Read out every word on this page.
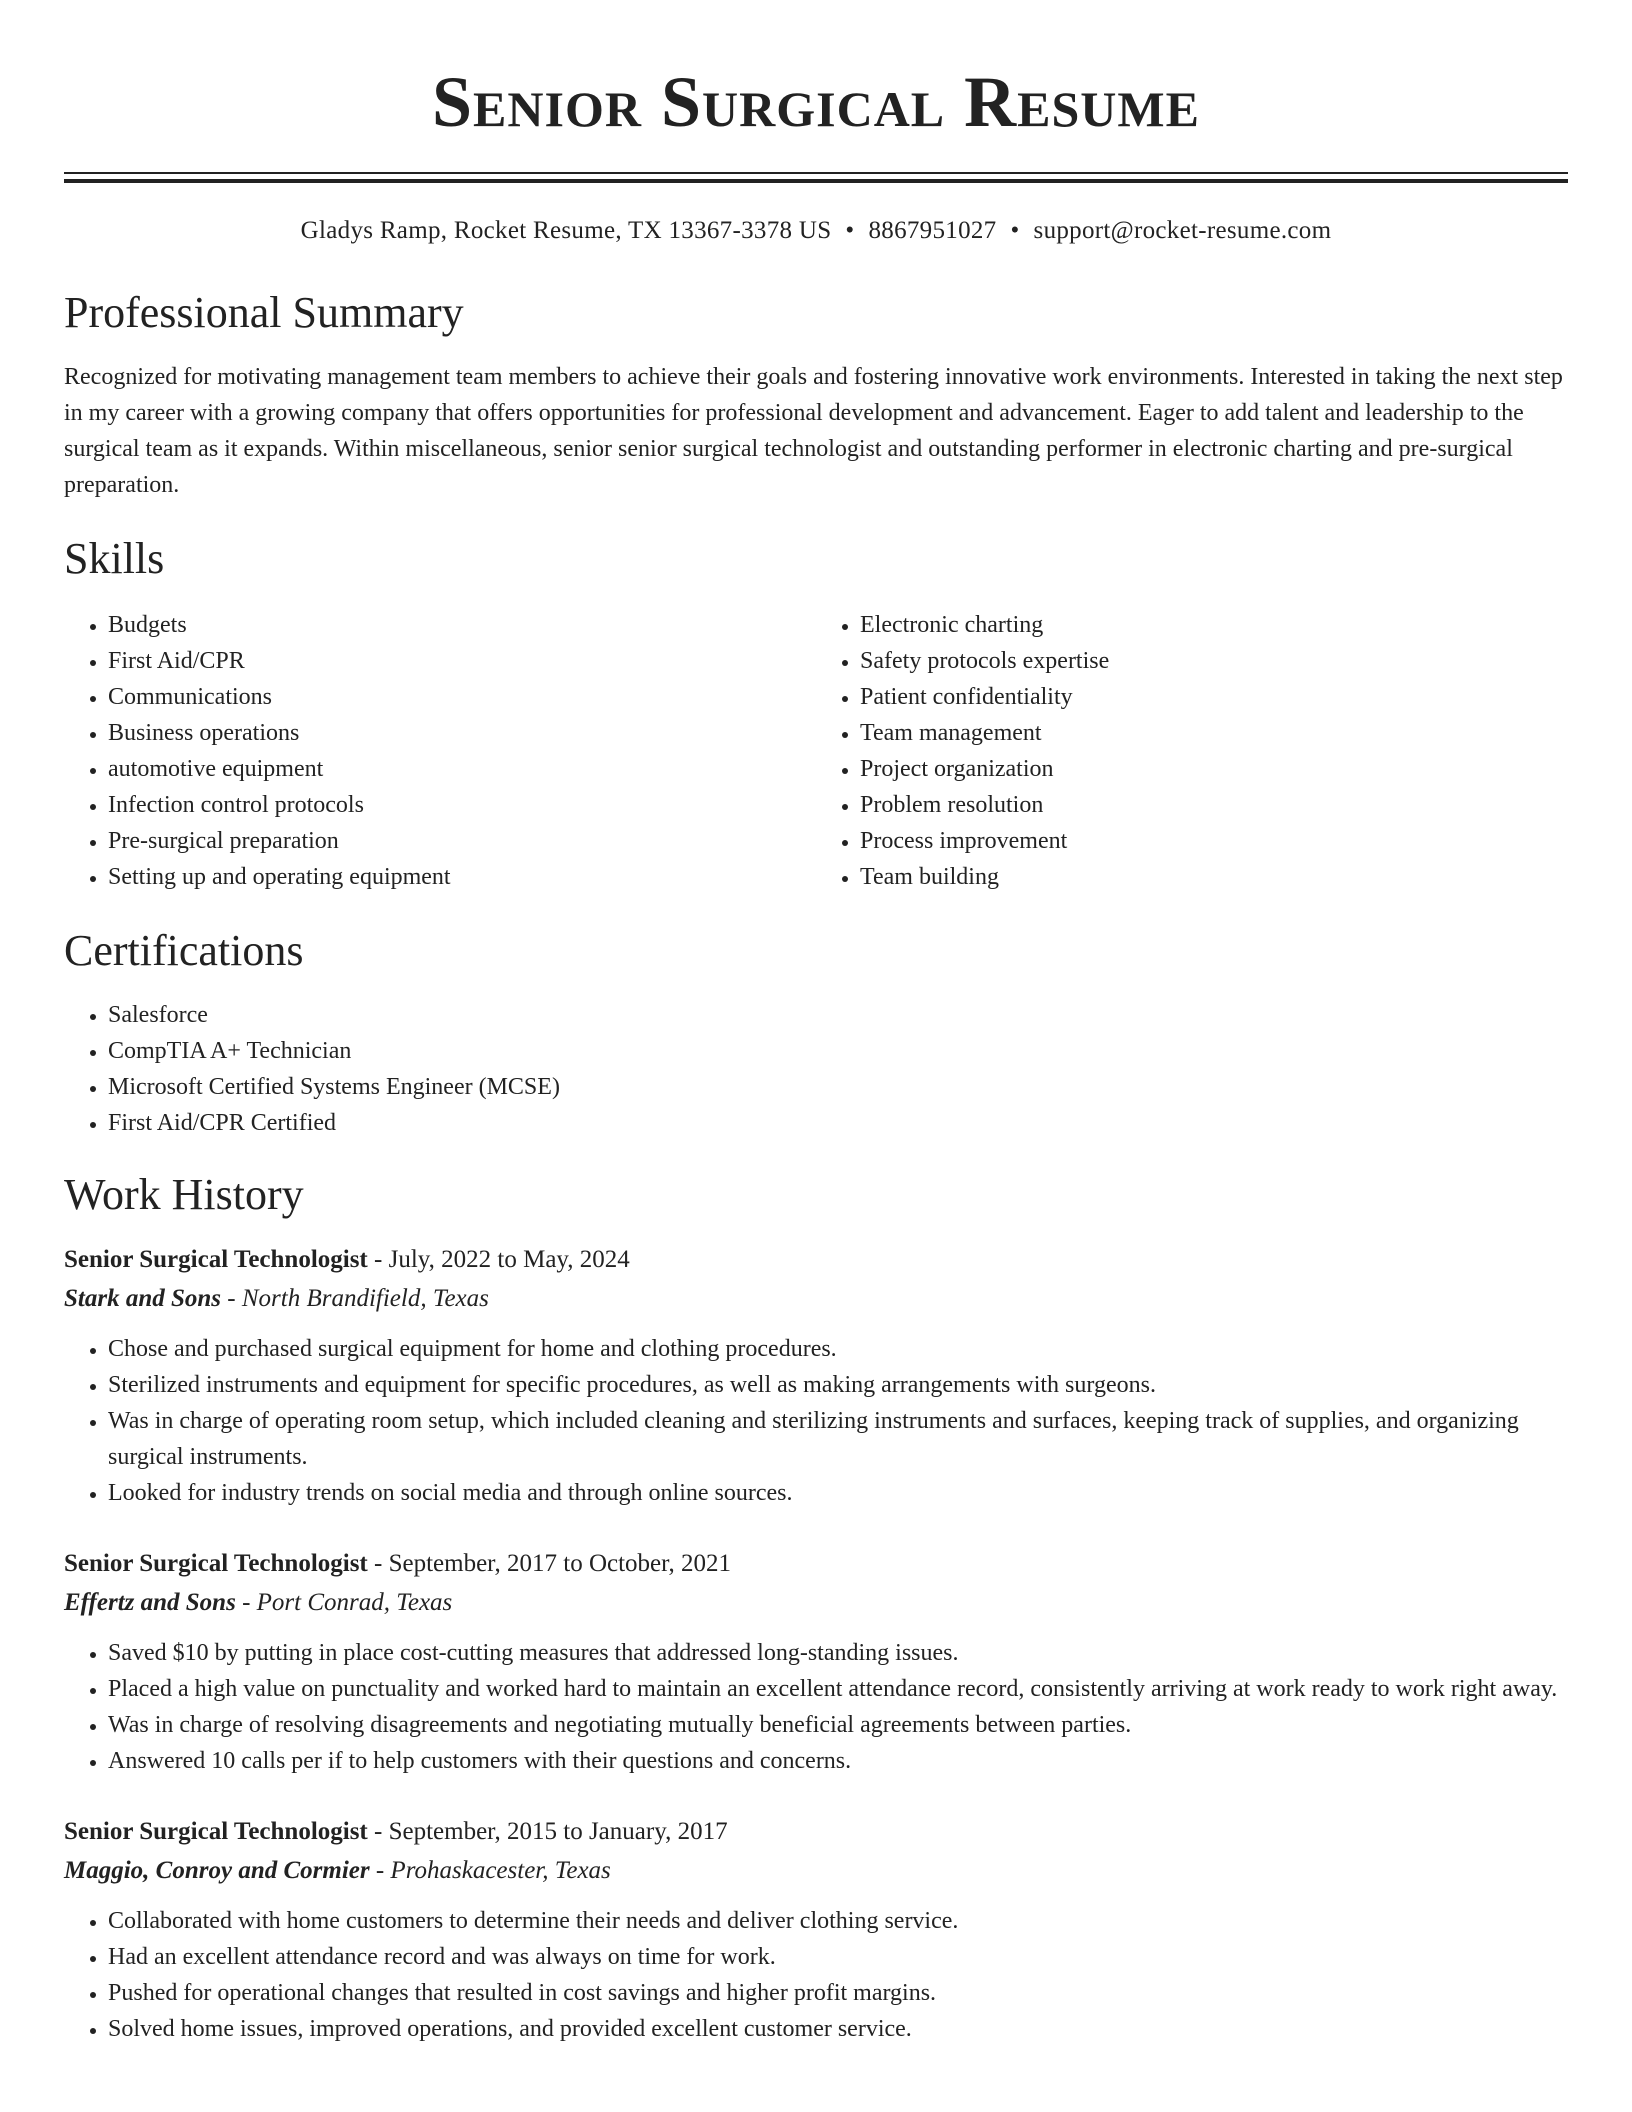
Senior Surgical Resume
Gladys Ramp, Rocket Resume, TX 13367-3378 US • 8867951027 • support@rocket-resume.com
Professional Summary

Recognized for motivating management team members to achieve their goals and fostering innovative work environments. Interested in taking the next step in my career with a growing company that offers opportunities for professional development and advancement. Eager to add talent and leadership to the surgical team as it expands. Within miscellaneous, senior senior surgical technologist and outstanding performer in electronic charting and pre-surgical preparation.

Skills
• Budgets
• First Aid/CPR
• Communications
• Business operations
• automotive equipment
• Infection control protocols
• Pre-surgical preparation
• Setting up and operating equipment
• Electronic charting
• Safety protocols expertise
• Patient confidentiality
• Team management
• Project organization
• Problem resolution
• Process improvement
• Team building
Certifications
• Salesforce
• CompTIA A+ Technician
• Microsoft Certified Systems Engineer (MCSE)
• First Aid/CPR Certified
Work History
Senior Surgical Technologist - July, 2022 to May, 2024
Stark and Sons - North Brandifield, Texas
• Chose and purchased surgical equipment for home and clothing procedures.
• Sterilized instruments and equipment for specific procedures, as well as making arrangements with surgeons.
• Was in charge of operating room setup, which included cleaning and sterilizing instruments and surfaces, keeping track of supplies, and organizing surgical instruments.
• Looked for industry trends on social media and through online sources.
Senior Surgical Technologist - September, 2017 to October, 2021
Effertz and Sons - Port Conrad, Texas
• Saved $10 by putting in place cost-cutting measures that addressed long-standing issues.
• Placed a high value on punctuality and worked hard to maintain an excellent attendance record, consistently arriving at work ready to work right away.
• Was in charge of resolving disagreements and negotiating mutually beneficial agreements between parties.
• Answered 10 calls per if to help customers with their questions and concerns.
Senior Surgical Technologist - September, 2015 to January, 2017
Maggio, Conroy and Cormier - Prohaskacester, Texas
• Collaborated with home customers to determine their needs and deliver clothing service.
• Had an excellent attendance record and was always on time for work.
• Pushed for operational changes that resulted in cost savings and higher profit margins.
• Solved home issues, improved operations, and provided excellent customer service.
